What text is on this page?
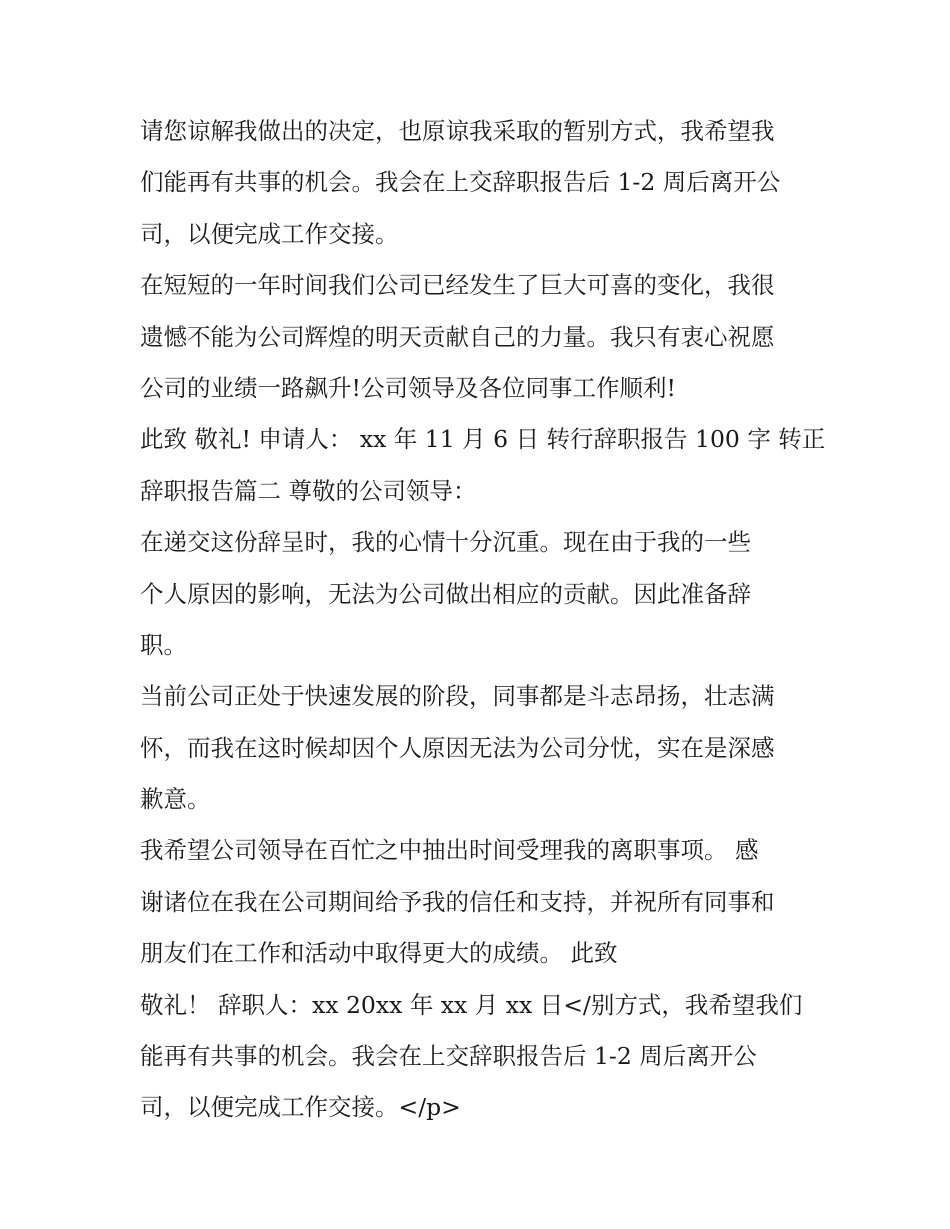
请您谅解我做出的决定，也原谅我采取的暂别方式，我希望我
们能再有共事的机会。我会在上交辞职报告后 1-2 周后离开公
司，以便完成工作交接。
在短短的一年时间我们公司已经发生了巨大可喜的变化，我很
遗憾不能为公司辉煌的明天贡献自己的力量。我只有衷心祝愿
公司的业绩一路飙升!公司领导及各位同事工作顺利!
此致 敬礼! 申请人： xx 年 11 月 6 日 转行辞职报告 100 字 转正
辞职报告篇二 尊敬的公司领导：
在递交这份辞呈时，我的心情十分沉重。现在由于我的一些
个人原因的影响，无法为公司做出相应的贡献。因此准备辞
职。
当前公司正处于快速发展的阶段，同事都是斗志昂扬，壮志满
怀，而我在这时候却因个人原因无法为公司分忧，实在是深感
歉意。
我希望公司领导在百忙之中抽出时间受理我的离职事项。 感
谢诸位在我在公司期间给予我的信任和支持，并祝所有同事和
朋友们在工作和活动中取得更大的成绩。 此致
敬礼！ 辞职人：xx 20xx 年 xx 月 xx 日</别方式，我希望我们
能再有共事的机会。我会在上交辞职报告后 1-2 周后离开公
司，以便完成工作交接。</p>
